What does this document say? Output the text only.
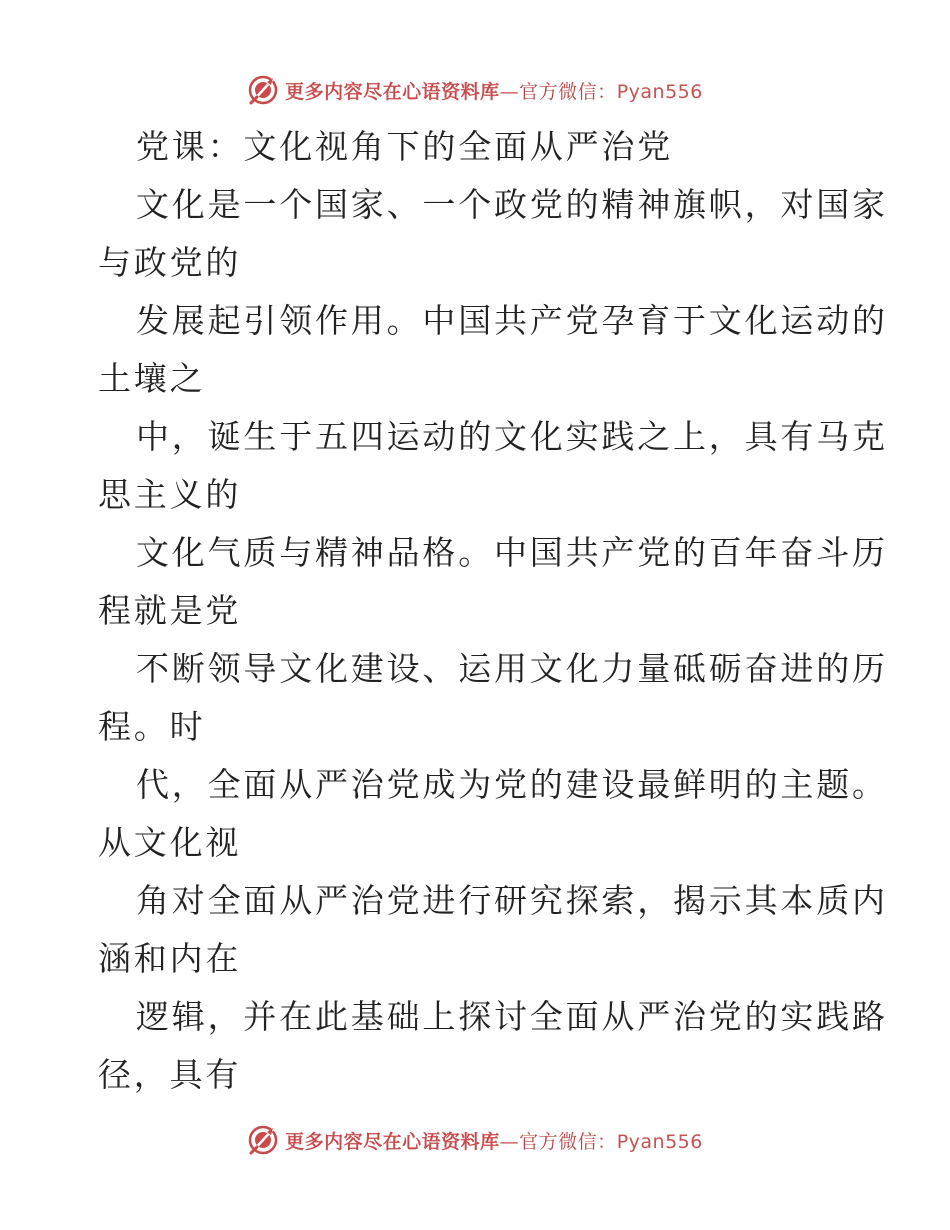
更多内容尽在心语资料库—官方微信：Pyan556
党课：文化视角下的全面从严治党
文化是一个国家、一个政党的精神旗帜，对国家
与政党的
发展起引领作用。中国共产党孕育于文化运动的
土壤之
中，诞生于五四运动的文化实践之上，具有马克
思主义的
文化气质与精神品格。中国共产党的百年奋斗历
程就是党
不断领导文化建设、运用文化力量砥砺奋进的历
程。时
代，全面从严治党成为党的建设最鲜明的主题。
从文化视
角对全面从严治党进行研究探索，揭示其本质内
涵和内在
逻辑，并在此基础上探讨全面从严治党的实践路
径，具有
更多内容尽在心语资料库—官方微信：Pyan556
